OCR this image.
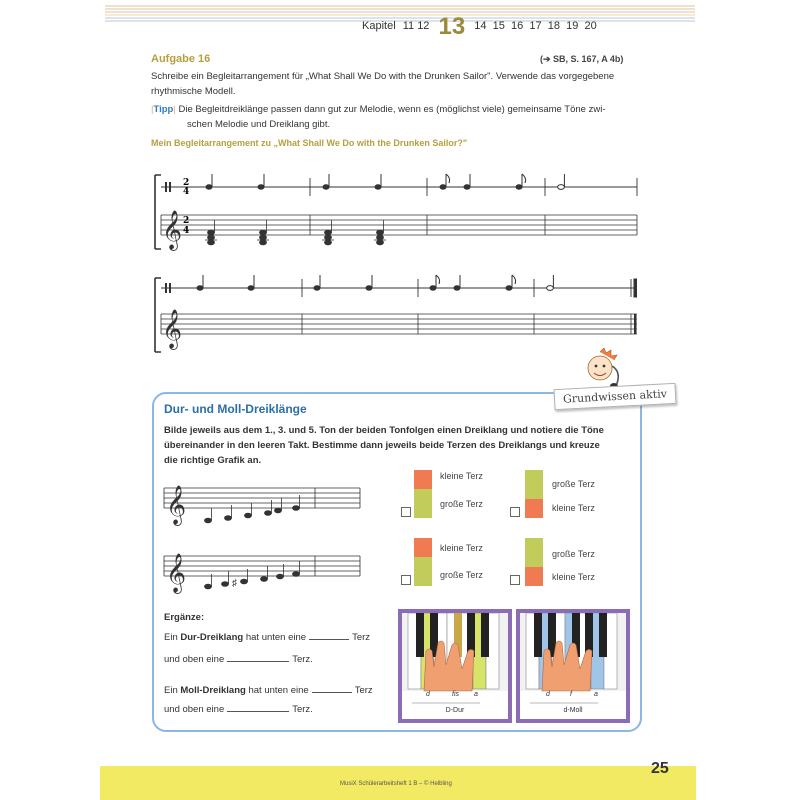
Kapitel 11 12 13 14 15 16 17 18 19 20
Aufgabe 16	(➔ SB, S. 167, A 4b)
Schreibe ein Begleitarrangement für „What Shall We Do with the Drunken Sailor". Verwende das vorgegebene
rhythmische Modell.
|Tipp| Die Begleitdreiklänge passen dann gut zur Melodie, wenn es (möglichst viele) gemeinsame Töne zwi-
schen Melodie und Dreiklang gibt.
Mein Begleitarrangement zu „What Shall We Do with the Drunken Sailor?"
2
4
𝄞 2
4
𝄞
Grundwissen aktiv
Dur- und Moll-Dreiklänge
Bilde jeweils aus dem 1., 3. und 5. Ton der beiden Tonfolgen einen Dreiklang und notiere die Töne
übereinander in den leeren Takt. Bestimme dann jeweils beide Terzen des Dreiklangs und kreuze
die richtige Grafik an.
𝄞
𝄞	♯
kleine Terz
große Terz
große Terz
kleine Terz
kleine Terz
große Terz
große Terz
kleine Terz
Ergänze:
Ein Dur-Dreiklang hat unten eine	Terz
und oben eine	Terz.
Ein Moll-Dreiklang hat unten eine	Terz
und oben eine	Terz.
d	fis a
D-Dur
d	f	a
d-Moll
MusiX Schülerarbeitsheft 1 B – © Helbling
25
